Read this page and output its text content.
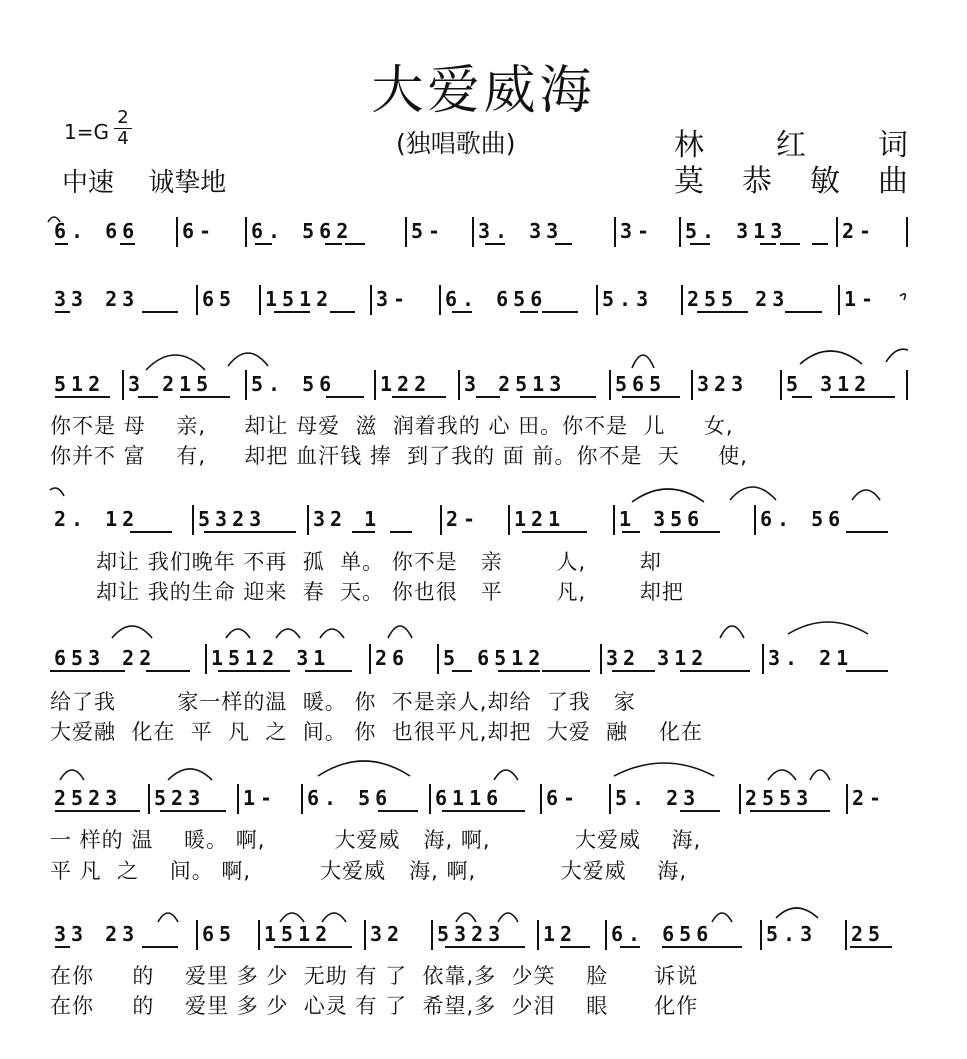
大爱威海
1=G
2
4	(独唱歌曲)
中速 诚挚地
林 红 词
莫 恭 敏 曲
6. 66	6-	6. 562	5-	3. 33	3-	5. 313	2-
33 23	65	1512	3-	6. 656	5.3	255 23	1-
512	3 215	5. 56	122	3 2513	565	323	5 312
你不是 母    亲,     却让 母爱  滋  润着我的 心 田。你不是  儿     女,
你并不 富    有,     却把 血汗钱 捧  到了我的 面 前。你不是  天     使,
2. 12	5323	32 1	2-	121	1 356	6. 56
却让 我们晚年 不再  孤  单。 你不是   亲       人,       却
却让 我的生命 迎来  春  天。 你也很   平       凡,       却把
653 22	1512 31	26	5 6512	32 312	3. 21
给了我        家一样的温  暖。 你  不是亲人,却给  了我   家
大爱融  化在  平  凡  之  间。 你  也很平凡,却把  大爱  融    化在
2523	523	1-	6. 56	6116	6-	5. 23	2553	2-
一 样的 温    暖。 啊,         大爱威   海, 啊,           大爱威    海,
平 凡  之    间。 啊,         大爱威   海, 啊,           大爱威    海,
33 23	65	1512	32	5323	12	6. 656	5.3	25
在你     的    爱里 多 少  无助 有 了  依靠,多  少笑    脸      诉说
在你     的    爱里 多 少  心灵 有 了  希望,多  少泪    眼      化作
